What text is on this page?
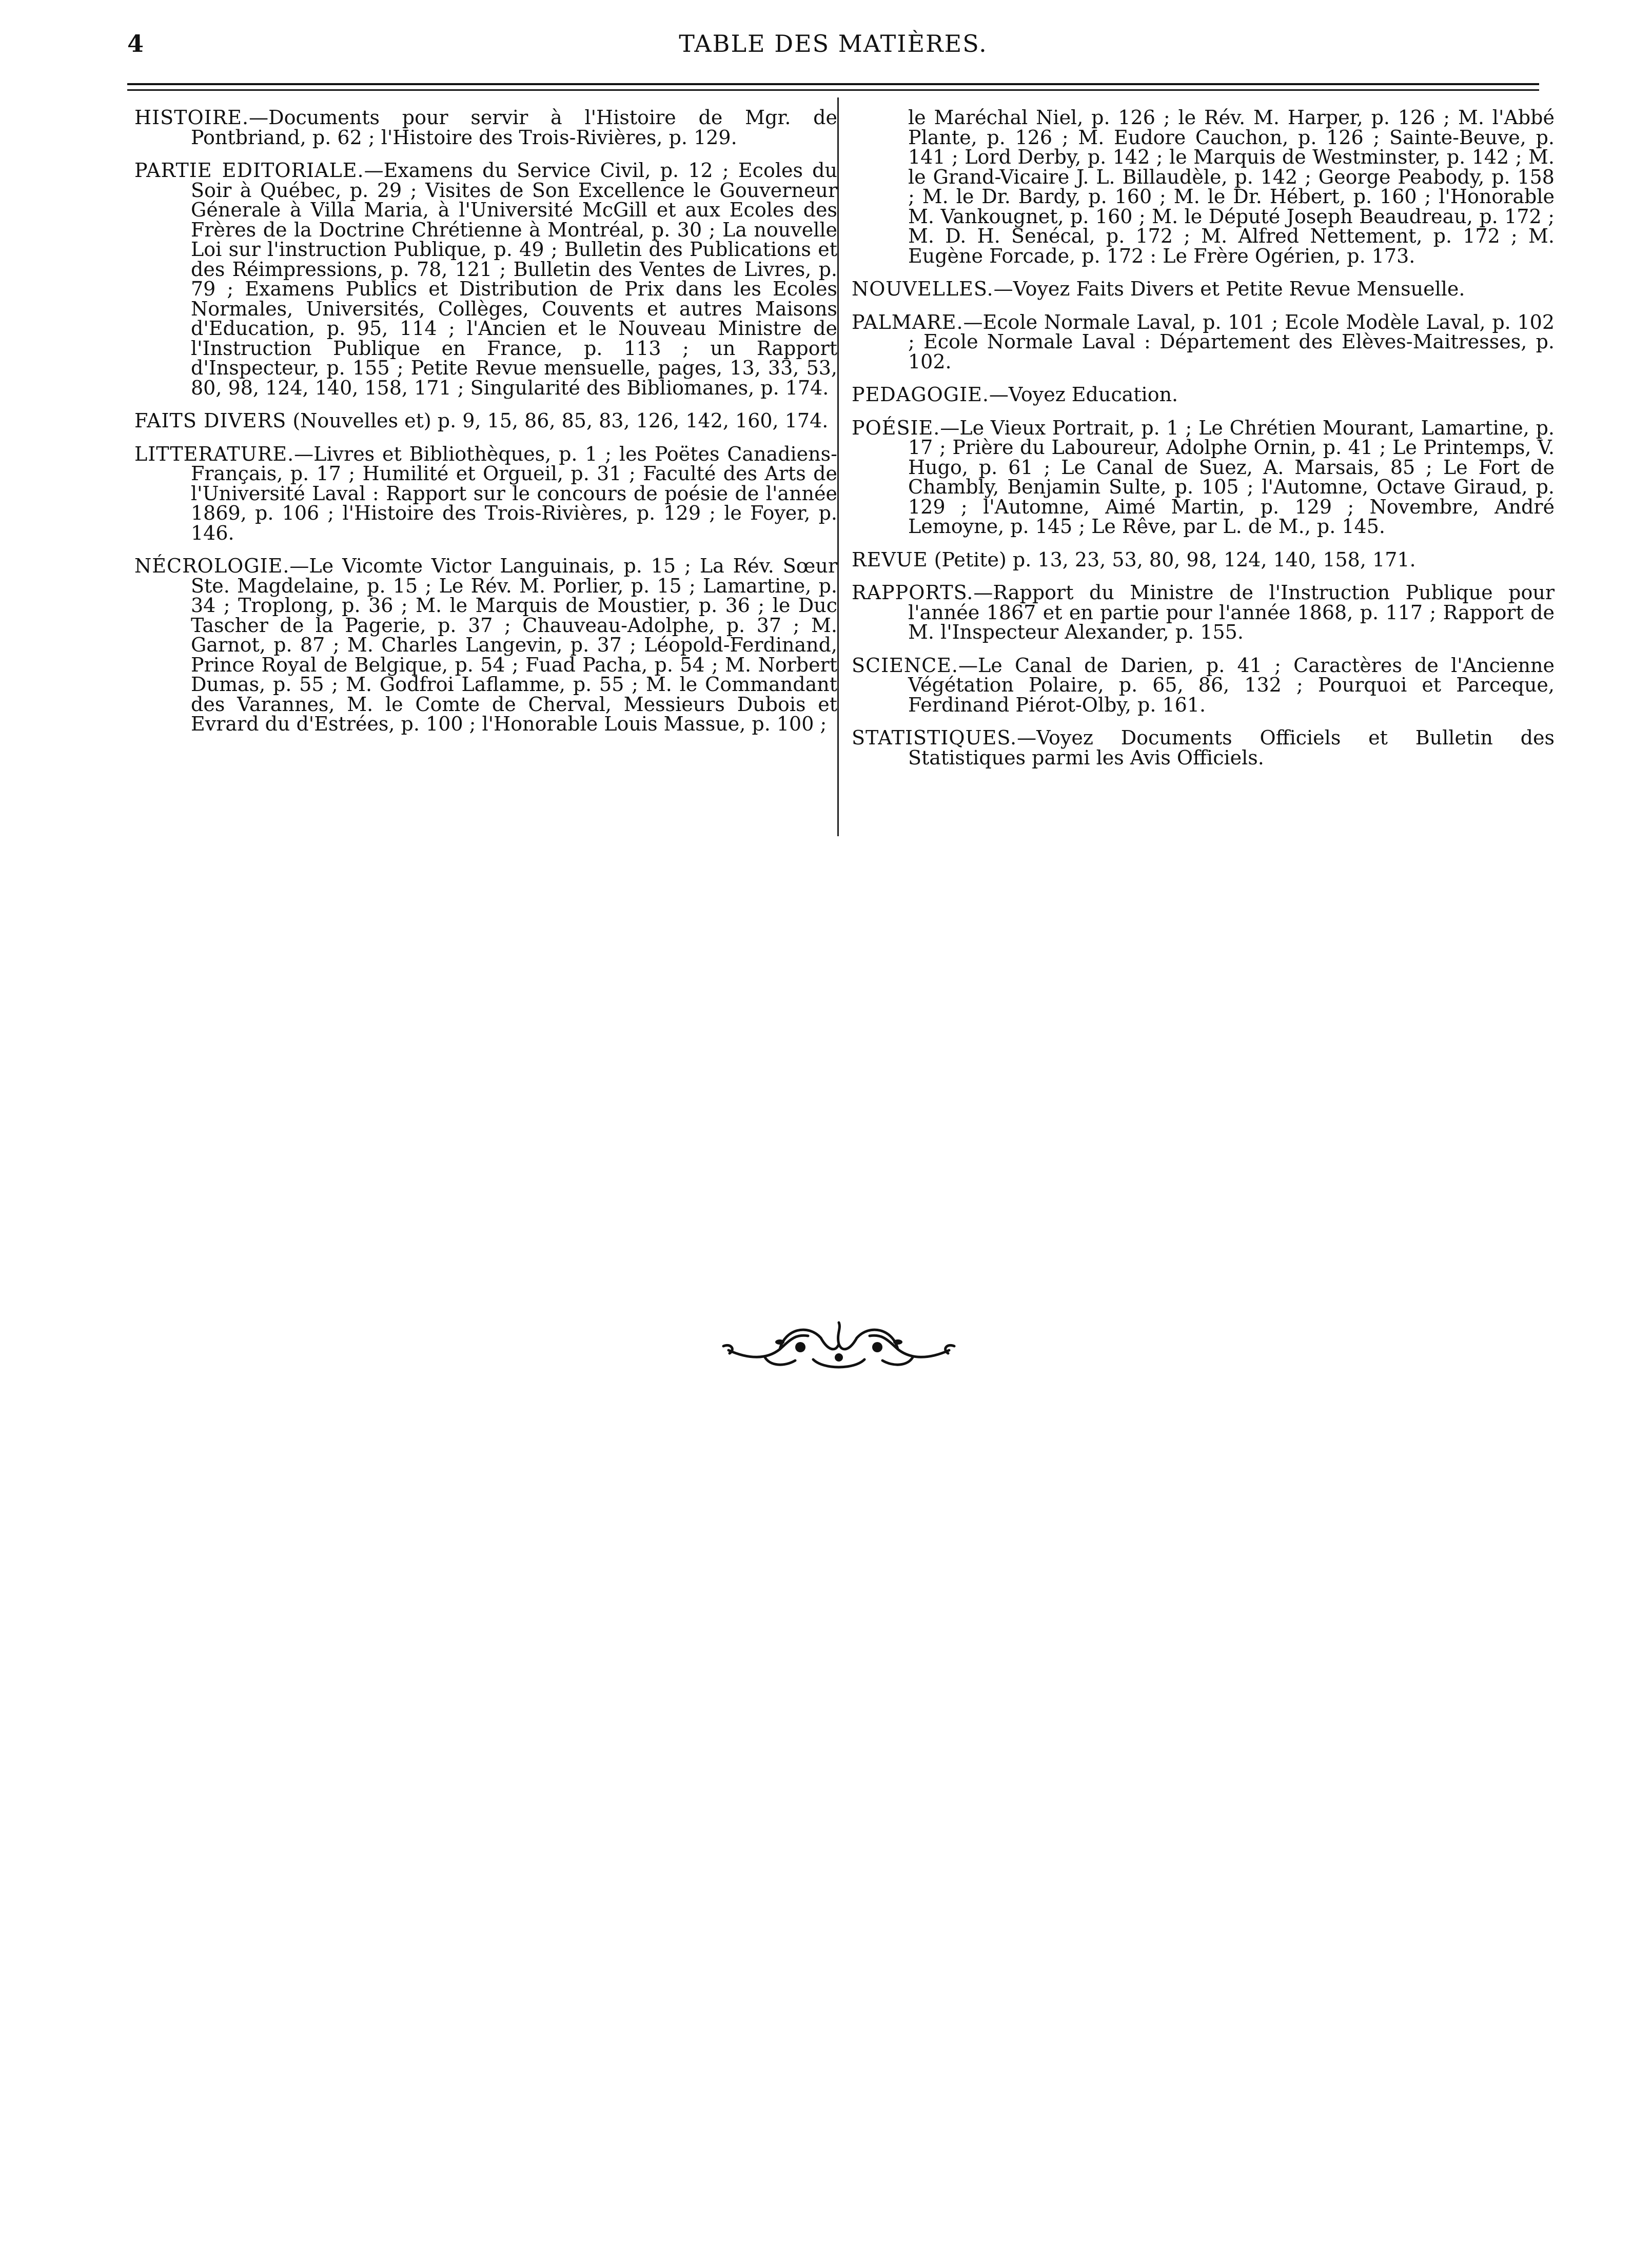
4	TABLE DES MATIÈRES.

HISTOIRE.—Documents pour servir à l'Histoire de Mgr. de Pontbriand, p. 62 ; l'Histoire des Trois-Rivières, p. 129.

PARTIE EDITORIALE.—Examens du Service Civil, p. 12 ; Ecoles du Soir à Québec, p. 29 ; Visites de Son Excellence le Gouverneur Génerale à Villa Maria, à l'Université McGill et aux Ecoles des Frères de la Doctrine Chrétienne à Montréal, p. 30 ; La nouvelle Loi sur l'instruction Publique, p. 49 ; Bulletin des Publications et des Réimpressions, p. 78, 121 ; Bulletin des Ventes de Livres, p. 79 ; Examens Publics et Distribution de Prix dans les Ecoles Normales, Universités, Collèges, Couvents et autres Maisons d'Education, p. 95, 114 ; l'Ancien et le Nouveau Ministre de l'Instruction Publique en France, p. 113 ; un Rapport d'Inspecteur, p. 155 ; Petite Revue mensuelle, pages, 13, 33, 53, 80, 98, 124, 140, 158, 171 ; Singularité des Bibliomanes, p. 174.

FAITS DIVERS (Nouvelles et) p. 9, 15, 86, 85, 83, 126, 142, 160, 174.

LITTERATURE.—Livres et Bibliothèques, p. 1 ; les Poëtes Canadiens-Français, p. 17 ; Humilité et Orgueil, p. 31 ; Faculté des Arts de l'Université Laval : Rapport sur le concours de poésie de l'année 1869, p. 106 ; l'Histoire des Trois-Rivières, p. 129 ; le Foyer, p. 146.

NÉCROLOGIE.—Le Vicomte Victor Languinais, p. 15 ; La Rév. Sœur Ste. Magdelaine, p. 15 ; Le Rév. M. Porlier, p. 15 ; Lamartine, p. 34 ; Troplong, p. 36 ; M. le Marquis de Moustier, p. 36 ; le Duc Tascher de la Pagerie, p. 37 ; Chauveau-Adolphe, p. 37 ; M. Garnot, p. 87 ; M. Charles Langevin, p. 37 ; Léopold-Ferdinand, Prince Royal de Belgique, p. 54 ; Fuad Pacha, p. 54 ; M. Norbert Dumas, p. 55 ; M. Godfroi Laflamme, p. 55 ; M. le Commandant des Varannes, M. le Comte de Cherval, Messieurs Dubois et Evrard du d'Estrées, p. 100 ; l'Honorable Louis Massue, p. 100 ;

le Maréchal Niel, p. 126 ; le Rév. M. Harper, p. 126 ; M. l'Abbé Plante, p. 126 ; M. Eudore Cauchon, p. 126 ; Sainte-Beuve, p. 141 ; Lord Derby, p. 142 ; le Marquis de Westminster, p. 142 ; M. le Grand-Vicaire J. L. Billaudèle, p. 142 ; George Peabody, p. 158 ; M. le Dr. Bardy, p. 160 ; M. le Dr. Hébert, p. 160 ; l'Honorable M. Vankougnet, p. 160 ; M. le Député Joseph Beaudreau, p. 172 ; M. D. H. Senécal, p. 172 ; M. Alfred Nettement, p. 172 ; M. Eugène Forcade, p. 172 : Le Frère Ogérien, p. 173.

NOUVELLES.—Voyez Faits Divers et Petite Revue Mensuelle.

PALMARE.—Ecole Normale Laval, p. 101 ; Ecole Modèle Laval, p. 102 ; Ecole Normale Laval : Département des Elèves-Maitresses, p. 102.

PEDAGOGIE.—Voyez Education.

POÉSIE.—Le Vieux Portrait, p. 1 ; Le Chrétien Mourant, Lamartine, p. 17 ; Prière du Laboureur, Adolphe Ornin, p. 41 ; Le Printemps, V. Hugo, p. 61 ; Le Canal de Suez, A. Marsais, 85 ; Le Fort de Chambly, Benjamin Sulte, p. 105 ; l'Automne, Octave Giraud, p. 129 ; l'Automne, Aimé Martin, p. 129 ; Novembre, André Lemoyne, p. 145 ; Le Rêve, par L. de M., p. 145.

REVUE (Petite) p. 13, 23, 53, 80, 98, 124, 140, 158, 171.

RAPPORTS.—Rapport du Ministre de l'Instruction Publique pour l'année 1867 et en partie pour l'année 1868, p. 117 ; Rapport de M. l'Inspecteur Alexander, p. 155.

SCIENCE.—Le Canal de Darien, p. 41 ; Caractères de l'Ancienne Végétation Polaire, p. 65, 86, 132 ; Pourquoi et Parceque, Ferdinand Piérot-Olby, p. 161.

STATISTIQUES.—Voyez Documents Officiels et Bulletin des Statistiques parmi les Avis Officiels.
